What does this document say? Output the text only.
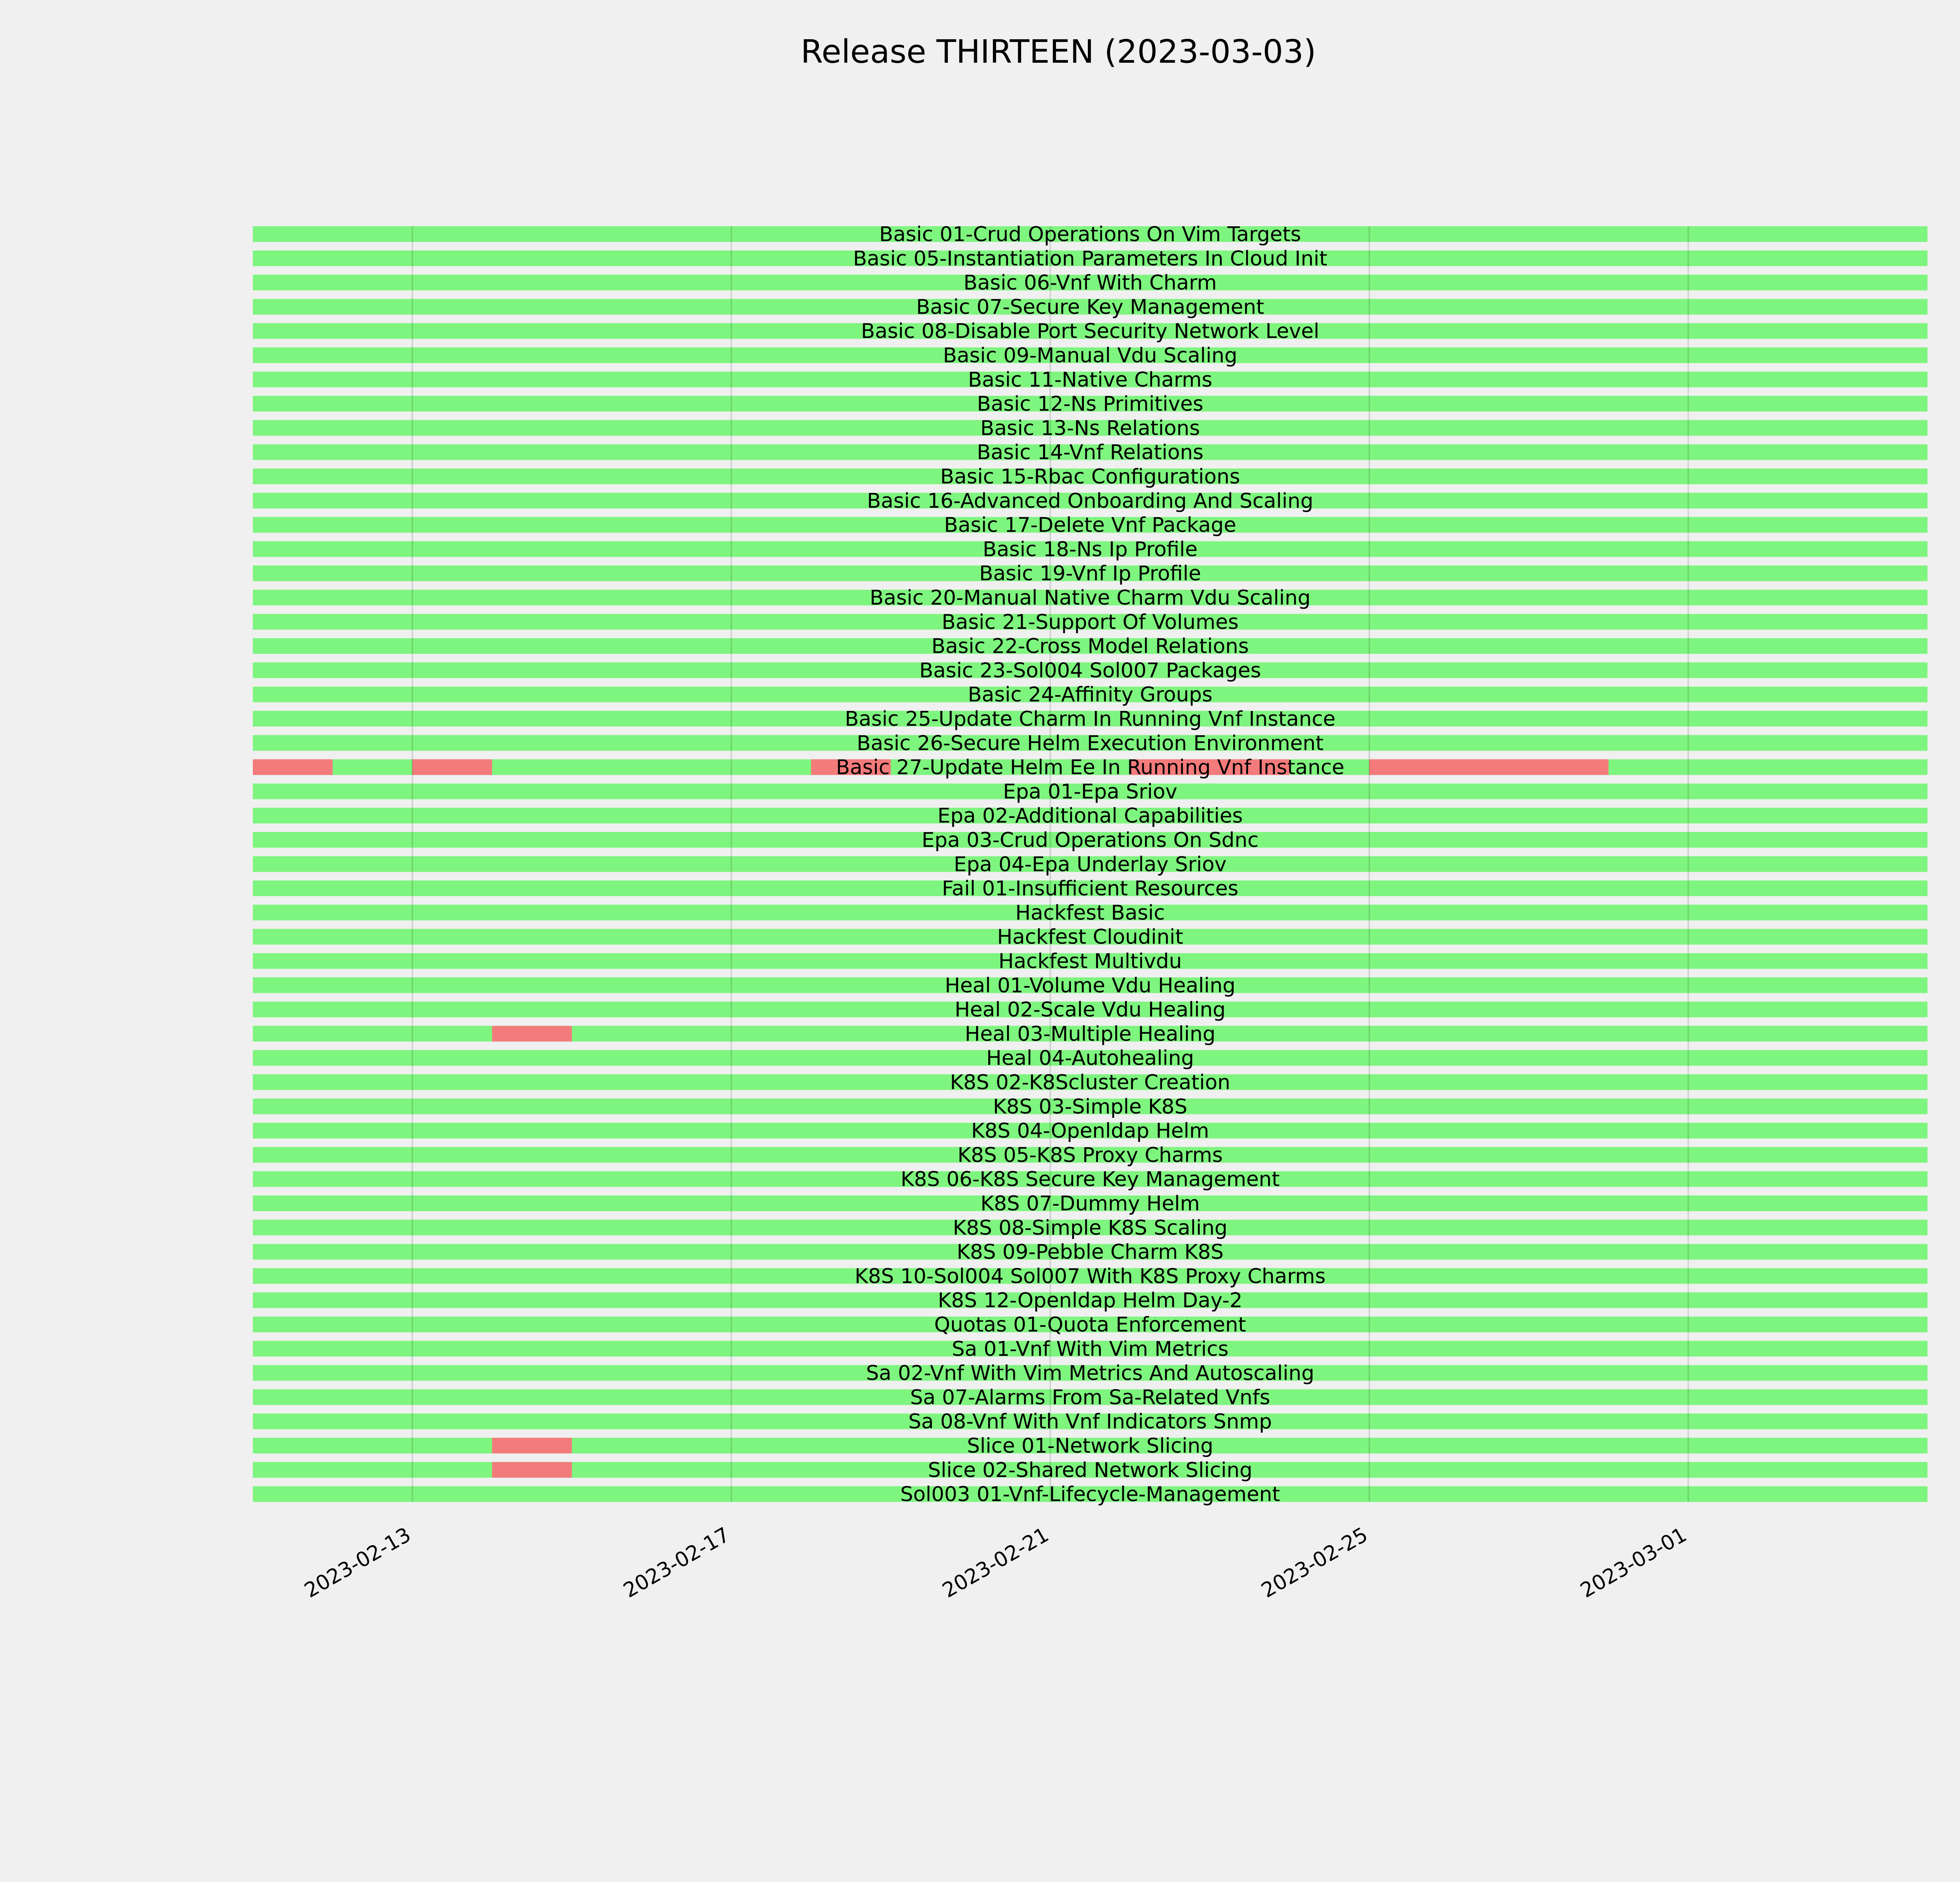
Release THIRTEEN (2023-03-03)
Basic 01-Crud Operations On Vim Targets
Basic 05-Instantiation Parameters In Cloud Init
Basic 06-Vnf With Charm
Basic 07-Secure Key Management
Basic 08-Disable Port Security Network Level
Basic 09-Manual Vdu Scaling
Basic 11-Native Charms
Basic 12-Ns Primitives
Basic 13-Ns Relations
Basic 14-Vnf Relations
Basic 15-Rbac Configurations
Basic 16-Advanced Onboarding And Scaling
Basic 17-Delete Vnf Package
Basic 18-Ns Ip Profile
Basic 19-Vnf Ip Profile
Basic 20-Manual Native Charm Vdu Scaling
Basic 21-Support Of Volumes
Basic 22-Cross Model Relations
Basic 23-Sol004 Sol007 Packages
Basic 24-Affinity Groups
Basic 25-Update Charm In Running Vnf Instance
Basic 26-Secure Helm Execution Environment
Basic 27-Update Helm Ee In Running Vnf Instance
Epa 01-Epa Sriov
Epa 02-Additional Capabilities
Epa 03-Crud Operations On Sdnc
Epa 04-Epa Underlay Sriov
Fail 01-Insufficient Resources
Hackfest Basic
Hackfest Cloudinit
Hackfest Multivdu
Heal 01-Volume Vdu Healing
Heal 02-Scale Vdu Healing
Heal 03-Multiple Healing
Heal 04-Autohealing
K8S 02-K8Scluster Creation
K8S 03-Simple K8S
K8S 04-Openldap Helm
K8S 05-K8S Proxy Charms
K8S 06-K8S Secure Key Management
K8S 07-Dummy Helm
K8S 08-Simple K8S Scaling
K8S 09-Pebble Charm K8S
K8S 10-Sol004 Sol007 With K8S Proxy Charms
K8S 12-Openldap Helm Day-2
Quotas 01-Quota Enforcement
Sa 01-Vnf With Vim Metrics
Sa 02-Vnf With Vim Metrics And Autoscaling
Sa 07-Alarms From Sa-Related Vnfs
Sa 08-Vnf With Vnf Indicators Snmp
Slice 01-Network Slicing
Slice 02-Shared Network Slicing
Sol003 01-Vnf-Lifecycle-Management
2023-02-13	2023-02-17	2023-02-21	2023-02-25	2023-03-01
